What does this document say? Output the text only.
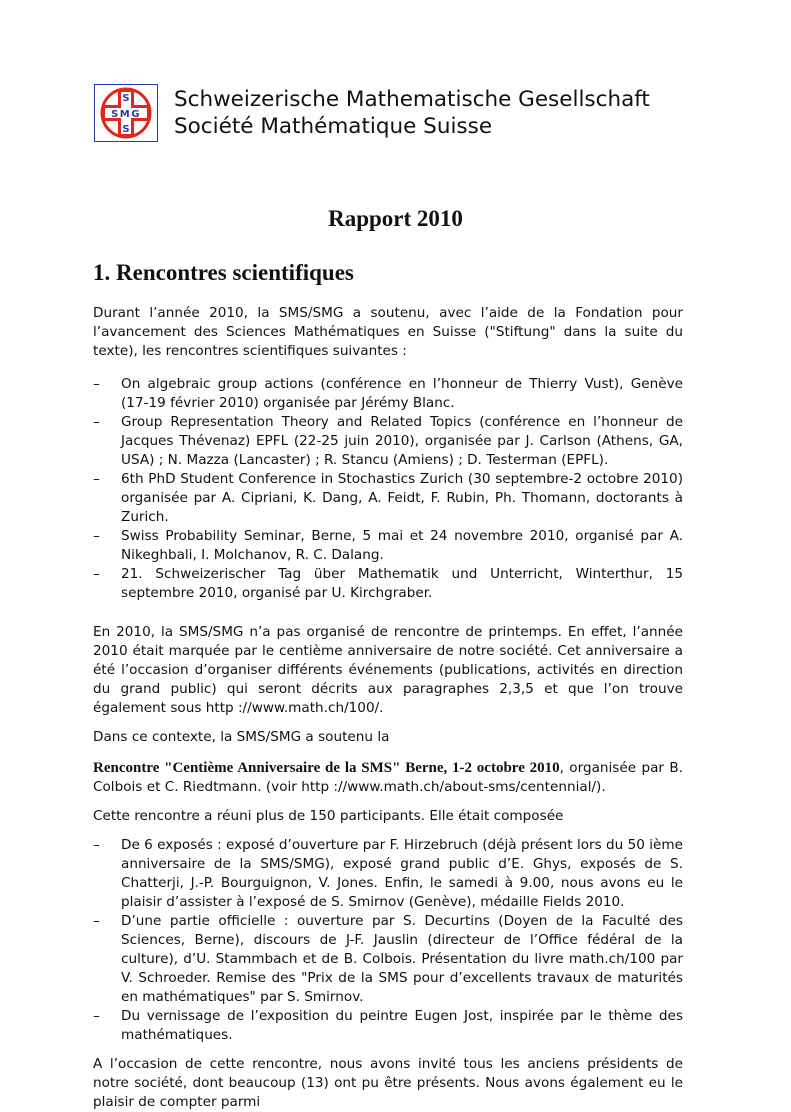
S
SMG
S
Schweizerische Mathematische Gesellschaft
Société Mathématique Suisse
Rapport 2010
1. Rencontres scientifiques

Durant l’année 2010, la SMS/SMG a soutenu, avec l’aide de la Fondation pour l’avancement des Sciences Mathématiques en Suisse ("Stiftung" dans la suite du texte), les rencontres scientifiques suivantes :

– On algebraic group actions (conférence en l’honneur de Thierry Vust), Genève (17-19 février 2010) organisée par Jérémy Blanc.
– Group Representation Theory and Related Topics (conférence en l’honneur de Jacques Thévenaz) EPFL (22-25 juin 2010), organisée par J. Carlson (Athens, GA, USA) ; N. Mazza (Lancaster) ; R. Stancu (Amiens) ; D. Testerman (EPFL).
– 6th PhD Student Conference in Stochastics Zurich (30 septembre-2 octobre 2010) organisée par A. Cipriani, K. Dang, A. Feidt, F. Rubin, Ph. Thomann, doctorants à Zurich.
– Swiss Probability Seminar, Berne, 5 mai et 24 novembre 2010, organisé par A. Nikeghbali, I. Molchanov, R. C. Dalang.
– 21. Schweizerischer Tag über Mathematik und Unterricht, Winterthur, 15 septembre 2010, organisé par U. Kirchgraber.

En 2010, la SMS/SMG n’a pas organisé de rencontre de printemps. En effet, l’année 2010 était marquée par le centième anniversaire de notre société. Cet anniversaire a été l’occasion d’organiser différents événements (publications, activités en direction du grand public) qui seront décrits aux paragraphes 2,3,5 et que l’on trouve également sous http ://www.math.ch/100/.

Dans ce contexte, la SMS/SMG a soutenu la

Rencontre "Centième Anniversaire de la SMS" Berne, 1-2 octobre 2010, organisée par B. Colbois et C. Riedtmann. (voir http ://www.math.ch/about-sms/centennial/).

Cette rencontre a réuni plus de 150 participants. Elle était composée

– De 6 exposés : exposé d’ouverture par F. Hirzebruch (déjà présent lors du 50 ième anniversaire de la SMS/SMG), exposé grand public d’E. Ghys, exposés de S. Chatterji, J.-P. Bourguignon, V. Jones. Enfin, le samedi à 9.00, nous avons eu le plaisir d’assister à l’exposé de S. Smirnov (Genève), médaille Fields 2010.
– D’une partie officielle : ouverture par S. Decurtins (Doyen de la Faculté des Sciences, Berne), discours de J-F. Jauslin (directeur de l’Office fédéral de la culture), d’U. Stammbach et de B. Colbois. Présentation du livre math.ch/100 par V. Schroeder. Remise des "Prix de la SMS pour d’excellents travaux de maturités en mathématiques" par S. Smirnov.
– Du vernissage de l’exposition du peintre Eugen Jost, inspirée par le thème des mathématiques.

A l’occasion de cette rencontre, nous avons invité tous les anciens présidents de notre société, dont beaucoup (13) ont pu être présents. Nous avons également eu le plaisir de compter parmi
